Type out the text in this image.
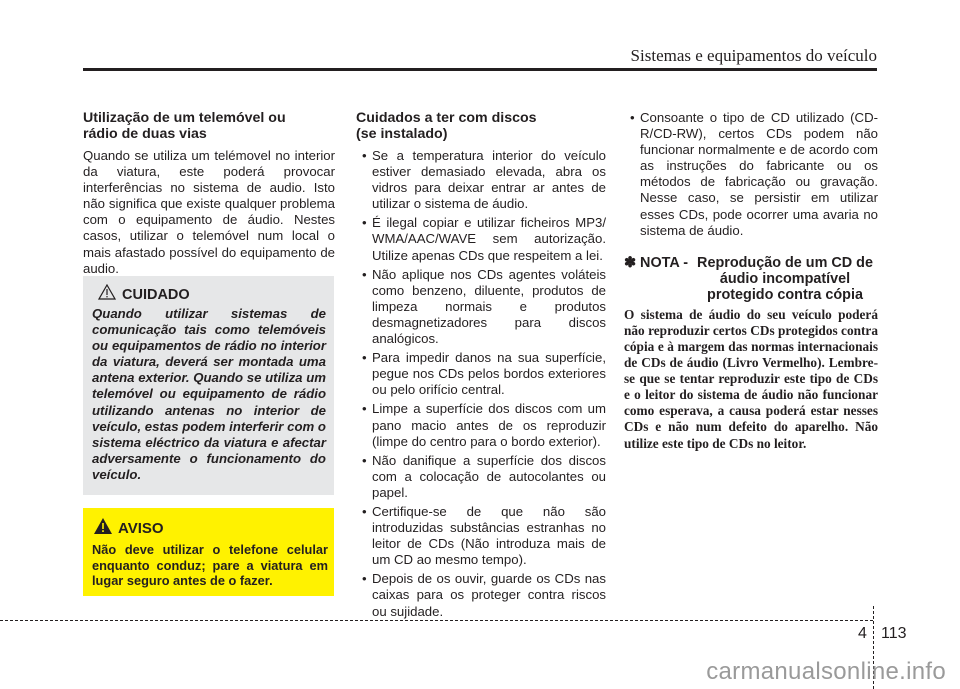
Sistemas e equipamentos do veículo
Utilização de um telemóvel ou
rádio de duas vias

Quando se utiliza um telémovel no interior da viatura, este poderá provocar interferências no sistema de audio. Isto não significa que existe qualquer problema com o equipamento de áudio. Nestes casos, utilizar o telemóvel num local o mais afastado possível do equipamento de audio.

CUIDADO
Quando utilizar sistemas de comunicação tais como telemóveis ou equipamentos de rádio no interior da viatura, deverá ser montada uma antena exterior. Quando se utiliza um telemóvel ou equipamento de rádio utilizando antenas no interior de veículo, estas podem interferir com o sistema eléctrico da viatura e afectar adversamente o funcionamento do veículo.
AVISO
Não deve utilizar o telefone celular enquanto conduz; pare a viatura em lugar seguro antes de o fazer.
Cuidados a ter com discos
(se instalado)
• Se a temperatura interior do veículo estiver demasiado elevada, abra os vidros para deixar entrar ar antes de utilizar o sistema de áudio.
• É ilegal copiar e utilizar ficheiros MP3/ WMA/AAC/WAVE sem autorização. Utilize apenas CDs que respeitem a lei.
• Não aplique nos CDs agentes voláteis como benzeno, diluente, produtos de limpeza normais e produtos desmagnetizadores para discos analógicos.
• Para impedir danos na sua superfície, pegue nos CDs pelos bordos exteriores ou pelo orifício central.
• Limpe a superfície dos discos com um pano macio antes de os reproduzir (limpe do centro para o bordo exterior).
• Não danifique a superfície dos discos com a colocação de autocolantes ou papel.
• Certifique-se de que não são introduzidas substâncias estranhas no leitor de CDs (Não introduza mais de um CD ao mesmo tempo).
• Depois de os ouvir, guarde os CDs nas caixas para os proteger contra riscos ou sujidade.
• Consoante o tipo de CD utilizado (CD-R/CD-RW), certos CDs podem não funcionar normalmente e de acordo com as instruções do fabricante ou os métodos de fabricação ou gravação. Nesse caso, se persistir em utilizar esses CDs, pode ocorrer uma avaria no sistema de áudio.
✽ NOTA - Reprodução de um CD de áudio incompatível protegido contra cópia
O sistema de áudio do seu veículo poderá não reproduzir certos CDs protegidos contra cópia e à margem das normas internacionais de CDs de áudio (Livro Vermelho). Lembre-se que se tentar reproduzir este tipo de CDs e o leitor do sistema de áudio não funcionar como esperava, a causa poderá estar nesses CDs e não num defeito do aparelho. Não utilize este tipo de CDs no leitor.
4 113
carmanualsonline.info
